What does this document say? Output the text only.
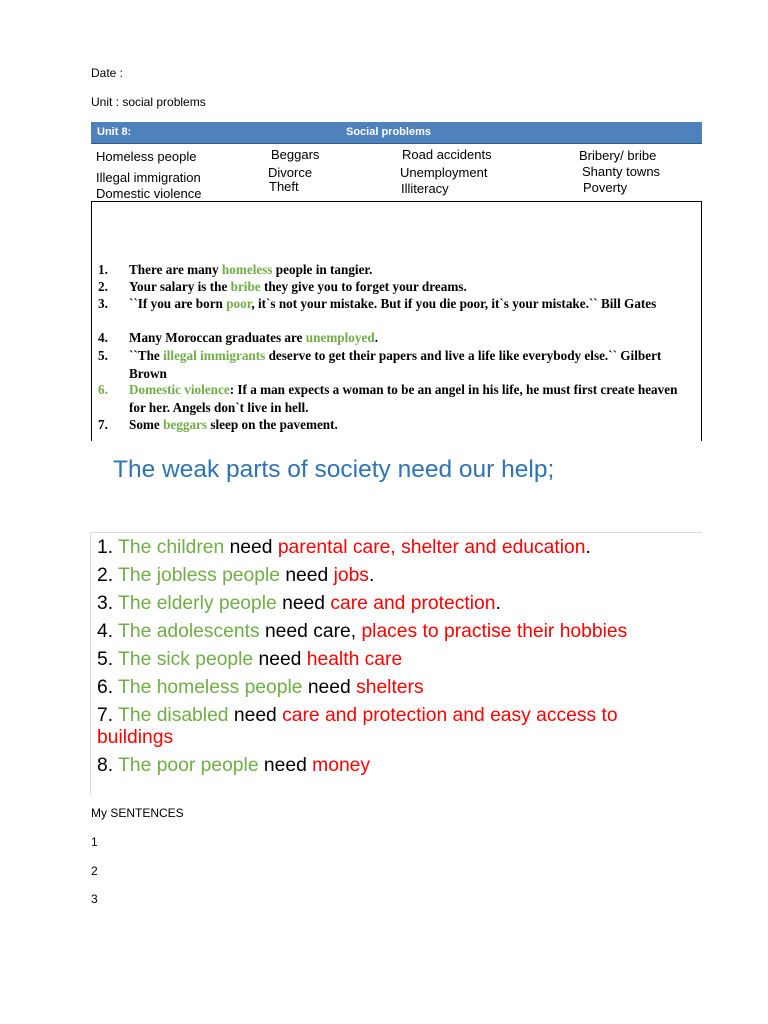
Date :
Unit : social problems
Unit 8:	Social problems
Homeless people	Beggars	Road accidents	Bribery/ bribe
Illegal immigration	Divorce	Unemployment	Shanty towns
Domestic violence	Theft	Illiteracy	Poverty
1. There are many homeless people in tangier.
2. Your salary is the bribe they give you to forget your dreams.
3. ``If you are born poor, it`s not your mistake. But if you die poor, it`s your mistake.`` Bill Gates
4. Many Moroccan graduates are unemployed.
5. ``The illegal immigrants deserve to get their papers and live a life like everybody else.`` Gilbert Brown
6. Domestic violence: If a man expects a woman to be an angel in his life, he must first create heaven for her. Angels don`t live in hell.
7. Some beggars sleep on the pavement.
The weak parts of society need our help;
1. The children need parental care, shelter and education.
2. The jobless people need jobs.
3. The elderly people need care and protection.
4. The adolescents need care, places to practise their hobbies
5. The sick people need health care
6. The homeless people need shelters
7. The disabled need care and protection and easy access to buildings
8. The poor people need money
My SENTENCES
1
2
3
